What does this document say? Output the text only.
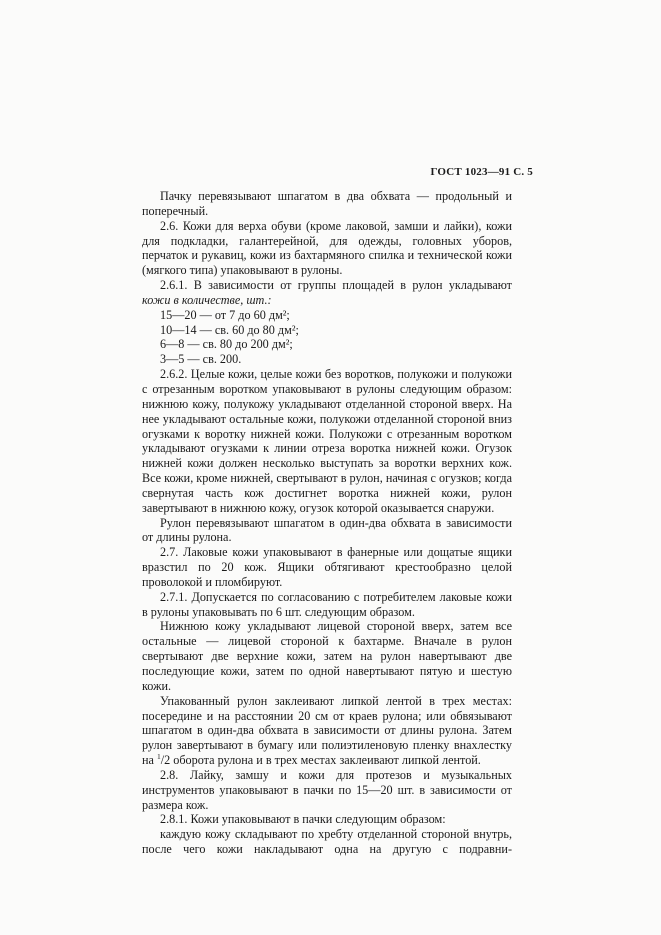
ГОСТ 1023—91 С. 5

Пачку перевязывают шпагатом в два обхвата — продольный и поперечный.

2.6. Кожи для верха обуви (кроме лаковой, замши и лайки), кожи для подкладки, галантерейной, для одежды, головных уборов, перчаток и рукавиц, кожи из бахтармяного спилка и технической кожи (мягкого типа) упаковывают в рулоны.

2.6.1. В зависимости от группы площадей в рулон укладывают кожи в количестве, шт.:

15—20 — от 7 до 60 дм²;
10—14 — св. 60 до 80 дм²;
6—8 — св. 80 до 200 дм²;
3—5 — св. 200.

2.6.2. Целые кожи, целые кожи без воротков, полукожи и полукожи с отрезанным воротком упаковывают в рулоны следующим образом: нижнюю кожу, полукожу укладывают отделанной стороной вверх. На нее укладывают остальные кожи, полукожи отделанной стороной вниз огузками к воротку нижней кожи. Полукожи с отрезанным воротком укладывают огузками к линии отреза воротка нижней кожи. Огузок нижней кожи должен несколько выступать за воротки верхних кож. Все кожи, кроме нижней, свертывают в рулон, начиная с огузков; когда свернутая часть кож достигнет воротка нижней кожи, рулон завертывают в нижнюю кожу, огузок которой оказывается снаружи.

Рулон перевязывают шпагатом в один-два обхвата в зависимости от длины рулона.

2.7. Лаковые кожи упаковывают в фанерные или дощатые ящики вразстил по 20 кож. Ящики обтягивают крестообразно целой проволокой и пломбируют.

2.7.1. Допускается по согласованию с потребителем лаковые кожи в рулоны упаковывать по 6 шт. следующим образом.

Нижнюю кожу укладывают лицевой стороной вверх, затем все остальные — лицевой стороной к бахтарме. Вначале в рулон свертывают две верхние кожи, затем на рулон навертывают две последующие кожи, затем по одной навертывают пятую и шестую кожи.

Упакованный рулон заклеивают липкой лентой в трех местах: посередине и на расстоянии 20 см от краев рулона; или обвязывают шпагатом в один-два обхвата в зависимости от длины рулона. Затем рулон завертывают в бумагу или полиэтиленовую пленку внахлестку на $^1$/2 оборота рулона и в трех местах заклеивают липкой лентой.

2.8. Лайку, замшу и кожи для протезов и музыкальных инструментов упаковывают в пачки по 15—20 шт. в зависимости от размера кож.

2.8.1. Кожи упаковывают в пачки следующим образом:

каждую кожу складывают по хребту отделанной стороной внутрь, после чего кожи накладывают одна на другую с подравни-
